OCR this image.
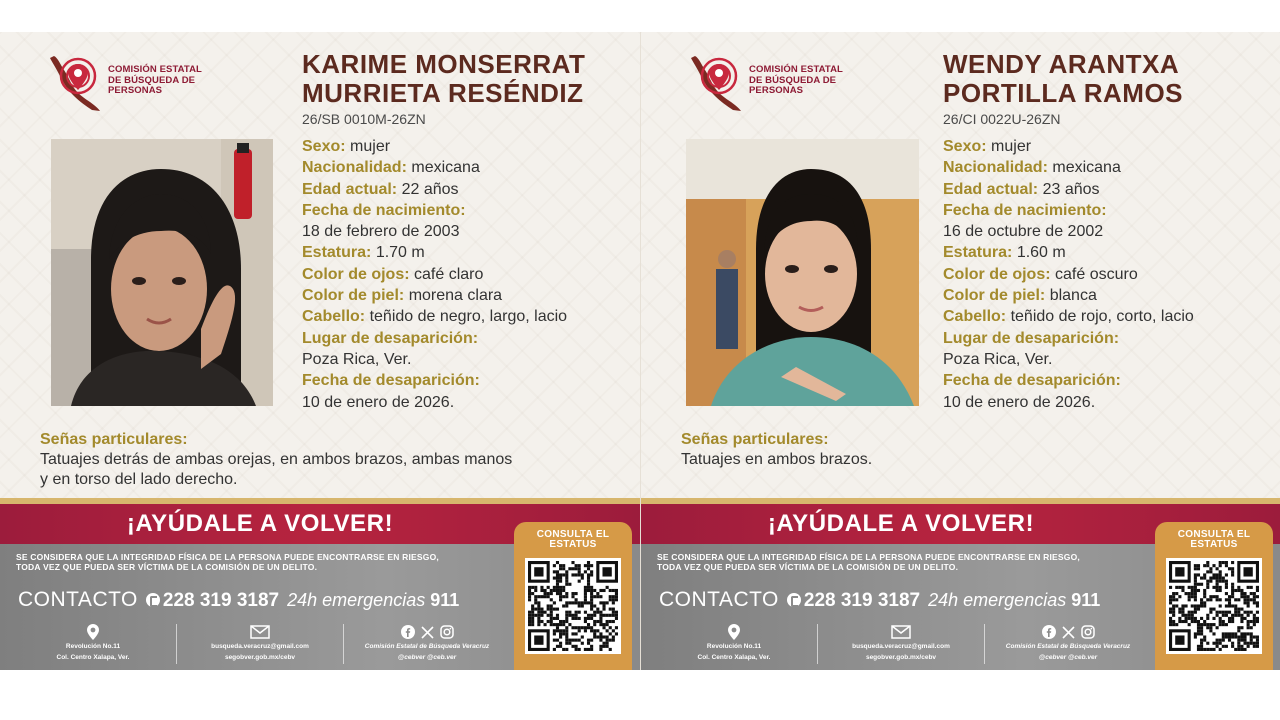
COMISIÓN ESTATAL
DE BÚSQUEDA DE
PERSONAS
KARIME MONSERRAT
MURRIETA RESÉNDIZ
26/SB 0010M-26ZN
Sexo: mujer
Nacionalidad: mexicana
Edad actual: 22 años
Fecha de nacimiento:
18 de febrero de 2003
Estatura: 1.70 m
Color de ojos: café claro
Color de piel: morena clara
Cabello: teñido de negro, largo, lacio
Lugar de desaparición:
Poza Rica, Ver.
Fecha de desaparición:
10 de enero de 2026.
Señas particulares:
Tatuajes detrás de ambas orejas, en ambos brazos, ambas manos
y en torso del lado derecho.
¡AYÚDALE A VOLVER!
SE CONSIDERA QUE LA INTEGRIDAD FÍSICA DE LA PERSONA PUEDE ENCONTRARSE EN RIESGO,
TODA VEZ QUE PUEDA SER VÍCTIMA DE LA COMISIÓN DE UN DELITO.
CONTACTO	228 319 3187 24h emergencias 911
Revolución No.11
Col. Centro Xalapa, Ver.
busqueda.veracruz@gmail.com
segobver.gob.mx/cebv
Comisión Estatal de Búsqueda Veracruz
@cebver @ceb.ver
CONSULTA EL
ESTATUS
COMISIÓN ESTATAL
DE BÚSQUEDA DE
PERSONAS
WENDY ARANTXA
PORTILLA RAMOS
26/CI 0022U-26ZN
Sexo: mujer
Nacionalidad: mexicana
Edad actual: 23 años
Fecha de nacimiento:
16 de octubre de 2002
Estatura: 1.60 m
Color de ojos: café oscuro
Color de piel: blanca
Cabello: teñido de rojo, corto, lacio
Lugar de desaparición:
Poza Rica, Ver.
Fecha de desaparición:
10 de enero de 2026.
Señas particulares:
Tatuajes en ambos brazos.
¡AYÚDALE A VOLVER!
SE CONSIDERA QUE LA INTEGRIDAD FÍSICA DE LA PERSONA PUEDE ENCONTRARSE EN RIESGO,
TODA VEZ QUE PUEDA SER VÍCTIMA DE LA COMISIÓN DE UN DELITO.
CONTACTO	228 319 3187 24h emergencias 911
Revolución No.11
Col. Centro Xalapa, Ver.
busqueda.veracruz@gmail.com
segobver.gob.mx/cebv
Comisión Estatal de Búsqueda Veracruz
@cebver @ceb.ver
CONSULTA EL
ESTATUS
